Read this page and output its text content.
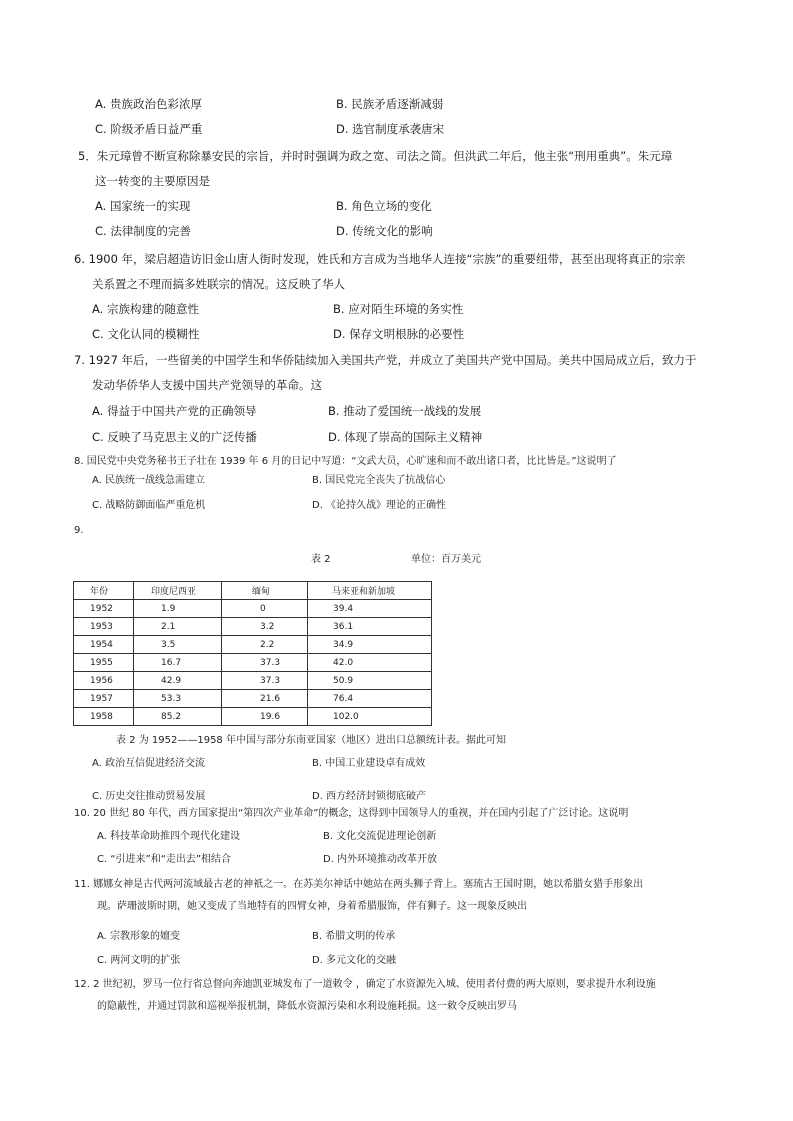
A. 贵族政治色彩浓厚	B. 民族矛盾逐渐减弱
C. 阶级矛盾日益严重	D. 选官制度承袭唐宋
5．朱元璋曾不断宣称除暴安民的宗旨，并时时强调为政之宽、司法之简。但洪武二年后，他主张“刑用重典”。朱元璋
这一转变的主要原因是
A. 国家统一的实现	B. 角色立场的变化
C. 法律制度的完善	D. 传统文化的影响
6. 1900 年，梁启超造访旧金山唐人街时发现，姓氏和方言成为当地华人连接“宗族”的重要纽带，甚至出现将真正的宗亲
关系置之不理而搞多姓联宗的情况。这反映了华人
A. 宗族构建的随意性	B. 应对陌生环境的务实性
C. 文化认同的模糊性	D. 保存文明根脉的必要性
7. 1927 年后，一些留美的中国学生和华侨陆续加入美国共产党，并成立了美国共产党中国局。美共中国局成立后，致力于
发动华侨华人支援中国共产党领导的革命。这
A. 得益于中国共产党的正确领导	B. 推动了爱国统一战线的发展
C. 反映了马克思主义的广泛传播	D. 体现了崇高的国际主义精神
8. 国民党中央党务秘书王子壮在 1939 年 6 月的日记中写道：“文武大员，心旷速和而不敢出诸口者，比比皆是。”这说明了
A. 民族统一战线急需建立	B. 国民党完全丧失了抗战信心
C. 战略防御面临严重危机	D. 《论持久战》理论的正确性
9.
表 2	单位：百万美元
年份	印度尼西亚	缅甸	马来亚和新加坡
1952	1.9	0	39.4
1953	2.1	3.2	36.1
1954	3.5	2.2	34.9
1955	16.7	37.3	42.0
1956	42.9	37.3	50.9
1957	53.3	21.6	76.4
1958	85.2	19.6	102.0
表 2 为 1952——1958 年中国与部分东南亚国家（地区）进出口总额统计表。据此可知
A. 政治互信促进经济交流	B. 中国工业建设卓有成效
C. 历史交往推动贸易发展	D. 西方经济封锁彻底破产
10. 20 世纪 80 年代，西方国家提出“第四次产业革命”的概念，这得到中国领导人的重视，并在国内引起了广泛讨论。这说明
A. 科技革命助推四个现代化建设	B. 文化交流促进理论创新
C. “引进来”和“走出去”相结合	D. 内外环境推动改革开放
11. 娜娜女神是古代两河流域最古老的神祇之一。在苏美尔神话中她站在两头狮子背上。塞琉古王国时期，她以希腊女猎手形象出
现。萨珊波斯时期，她又变成了当地特有的四臂女神，身着希腊服饰，伴有狮子。这一现象反映出
A. 宗教形象的嬗变	B. 希腊文明的传承
C. 两河文明的扩张	D. 多元文化的交融
12. 2 世纪初，罗马一位行省总督向奔迪凯亚城发布了一道敕令 ，确定了水资源先入城、使用者付费的两大原则，要求提升水利设施
的隐蔽性，并通过罚款和巡视举报机制，降低水资源污染和水利设施耗损。这一敕令反映出罗马
